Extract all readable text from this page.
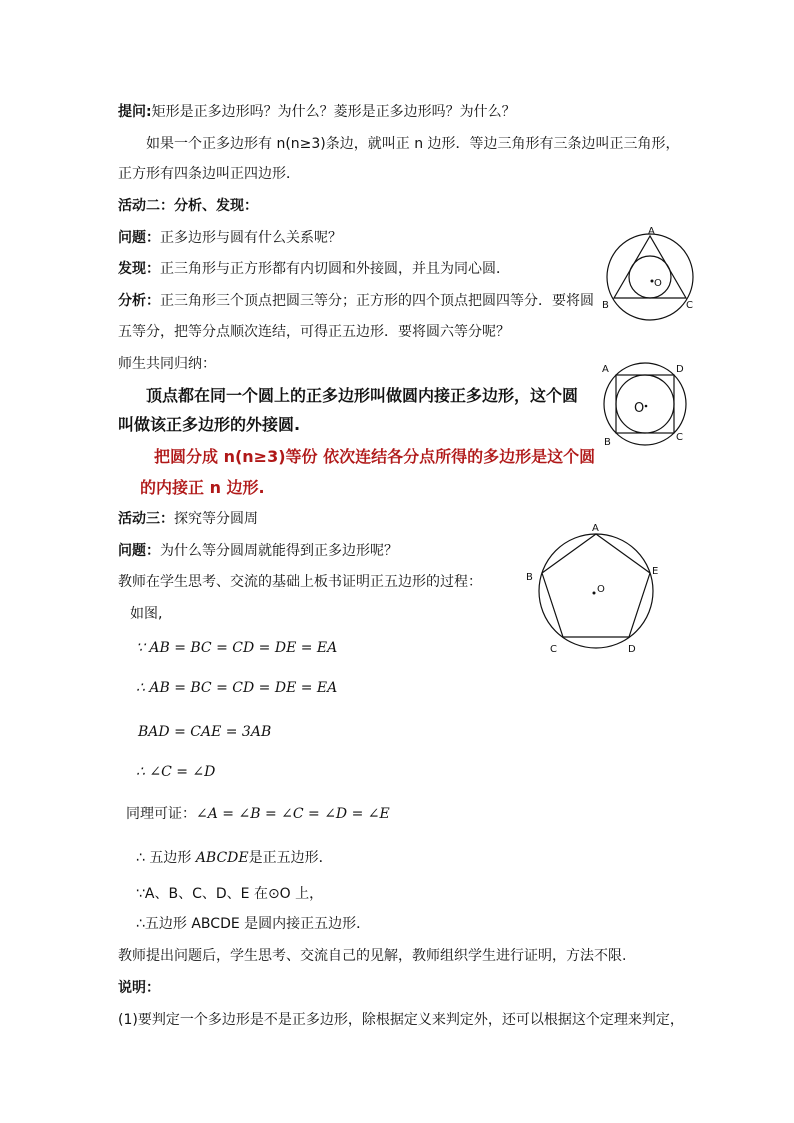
提问:矩形是正多边形吗？为什么？菱形是正多边形吗？为什么？
如果一个正多边形有 n(n≥3)条边，就叫正 n 边形．等边三角形有三条边叫正三角形，
正方形有四条边叫正四边形．
活动二：分析、发现：
问题：正多边形与圆有什么关系呢？
发现：正三角形与正方形都有内切圆和外接圆，并且为同心圆．
分析：正三角形三个顶点把圆三等分；正方形的四个顶点把圆四等分．要将圆
五等分，把等分点顺次连结，可得正五边形．要将圆六等分呢？
师生共同归纳：
顶点都在同一个圆上的正多边形叫做圆内接正多边形，这个圆
叫做该正多边形的外接圆.
把圆分成 n(n≥3)等份 依次连结各分点所得的多边形是这个圆
的内接正 n 边形.
活动三：探究等分圆周
问题：为什么等分圆周就能得到正多边形呢？
教师在学生思考、交流的基础上板书证明正五边形的过程：
如图,
∵ AB = BC = CD = DE = EA
∴ AB = BC = CD = DE = EA
BAD = CAE = 3AB
∴ ∠C = ∠D
同理可证：∠A = ∠B = ∠C = ∠D = ∠E
∴ 五边形 ABCDE是正五边形．
∵A、B、C、D、E 在⊙O 上，
∴五边形 ABCDE 是圆内接正五边形．
教师提出问题后，学生思考、交流自己的见解，教师组织学生进行证明，方法不限.
说明：
(1)要判定一个多边形是不是正多边形，除根据定义来判定外，还可以根据这个定理来判定，
A
B	C
O
A	D
B	C
O
A
B
E
C	D
O
